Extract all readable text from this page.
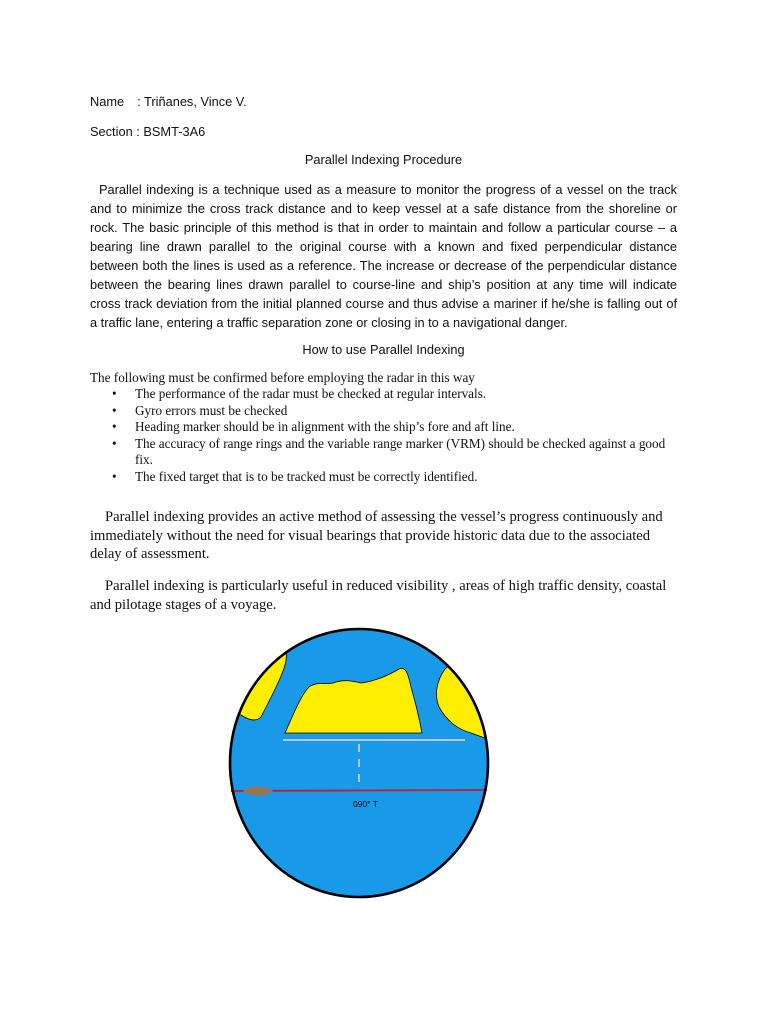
Name : Triñanes, Vince V.
Section : BSMT-3A6
Parallel Indexing Procedure
Parallel indexing is a technique used as a measure to monitor the progress of a vessel on the track and to minimize the cross track distance and to keep vessel at a safe distance from the shoreline or rock. The basic principle of this method is that in order to maintain and follow a particular course – a bearing line drawn parallel to the original course with a known and fixed perpendicular distance between both the lines is used as a reference. The increase or decrease of the perpendicular distance between the bearing lines drawn parallel to course-line and ship’s position at any time will indicate cross track deviation from the initial planned course and thus advise a mariner if he/she is falling out of a traffic lane, entering a traffic separation zone or closing in to a navigational danger.
How to use Parallel Indexing
The following must be confirmed before employing the radar in this way
• The performance of the radar must be checked at regular intervals.
• Gyro errors must be checked
• Heading marker should be in alignment with the ship’s fore and aft line.
• The accuracy of range rings and the variable range marker (VRM) should be checked against a good fix.
• The fixed target that is to be tracked must be correctly identified.
Parallel indexing provides an active method of assessing the vessel’s progress continuously and immediately without the need for visual bearings that provide historic data due to the associated delay of assessment.
Parallel indexing is particularly useful in reduced visibility , areas of high traffic density, coastal and pilotage stages of a voyage.
090° T
